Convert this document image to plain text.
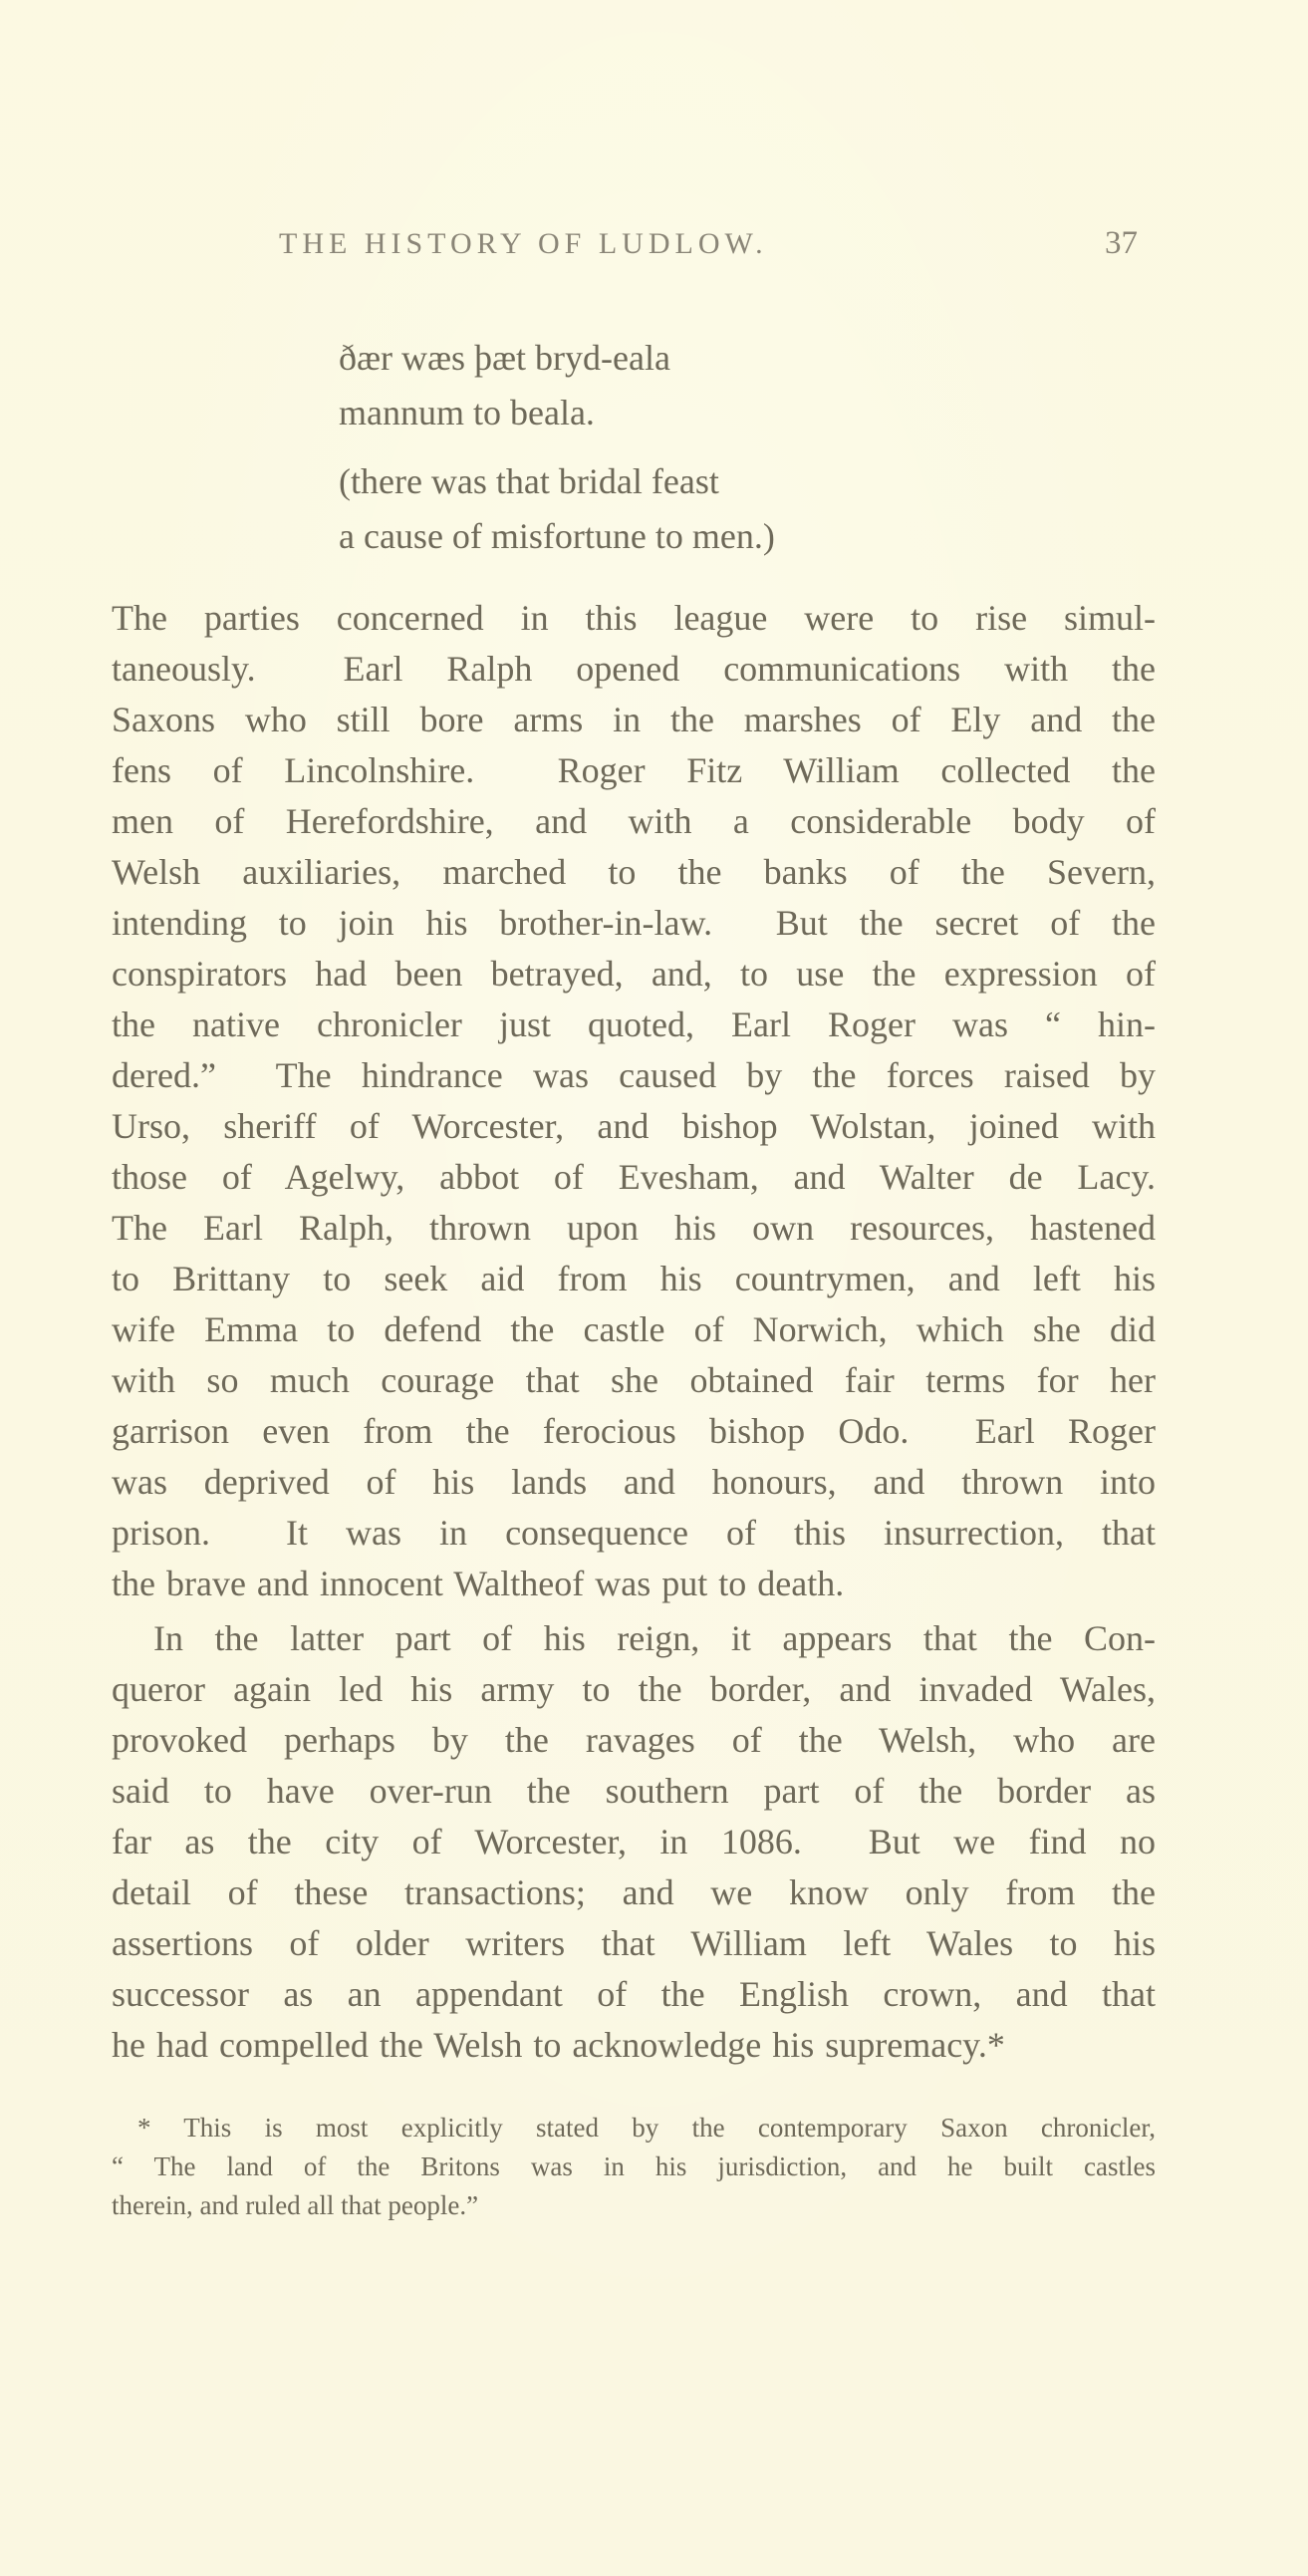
THE HISTORY OF LUDLOW.	37
ðær wæs þæt bryd-eala
mannum to beala.
(there was that bridal feast
a cause of misfortune to men.)
The parties concerned in this league were to rise simul-
taneously.  Earl Ralph opened communications with the
Saxons who still bore arms in the marshes of Ely and the
fens of Lincolnshire.  Roger Fitz William collected the
men of Herefordshire, and with a considerable body of
Welsh auxiliaries, marched to the banks of the Severn,
intending to join his brother-in-law.  But the secret of the
conspirators had been betrayed, and, to use the expression of
the native chronicler just quoted, Earl Roger was “ hin-
dered.”  The hindrance was caused by the forces raised by
Urso, sheriff of Worcester, and bishop Wolstan, joined with
those of Agelwy, abbot of Evesham, and Walter de Lacy.
The Earl Ralph, thrown upon his own resources, hastened
to Brittany to seek aid from his countrymen, and left his
wife Emma to defend the castle of Norwich, which she did
with so much courage that she obtained fair terms for her
garrison even from the ferocious bishop Odo.  Earl Roger
was deprived of his lands and honours, and thrown into
prison.  It was in consequence of this insurrection, that
the brave and innocent Waltheof was put to death.
In the latter part of his reign, it appears that the Con-
queror again led his army to the border, and invaded Wales,
provoked perhaps by the ravages of the Welsh, who are
said to have over-run the southern part of the border as
far as the city of Worcester, in 1086.  But we find no
detail of these transactions; and we know only from the
assertions of older writers that William left Wales to his
successor as an appendant of the English crown, and that
he had compelled the Welsh to acknowledge his supremacy.*
* This is most explicitly stated by the contemporary Saxon chronicler,
“ The land of the Britons was in his jurisdiction, and he built castles
therein, and ruled all that people.”
